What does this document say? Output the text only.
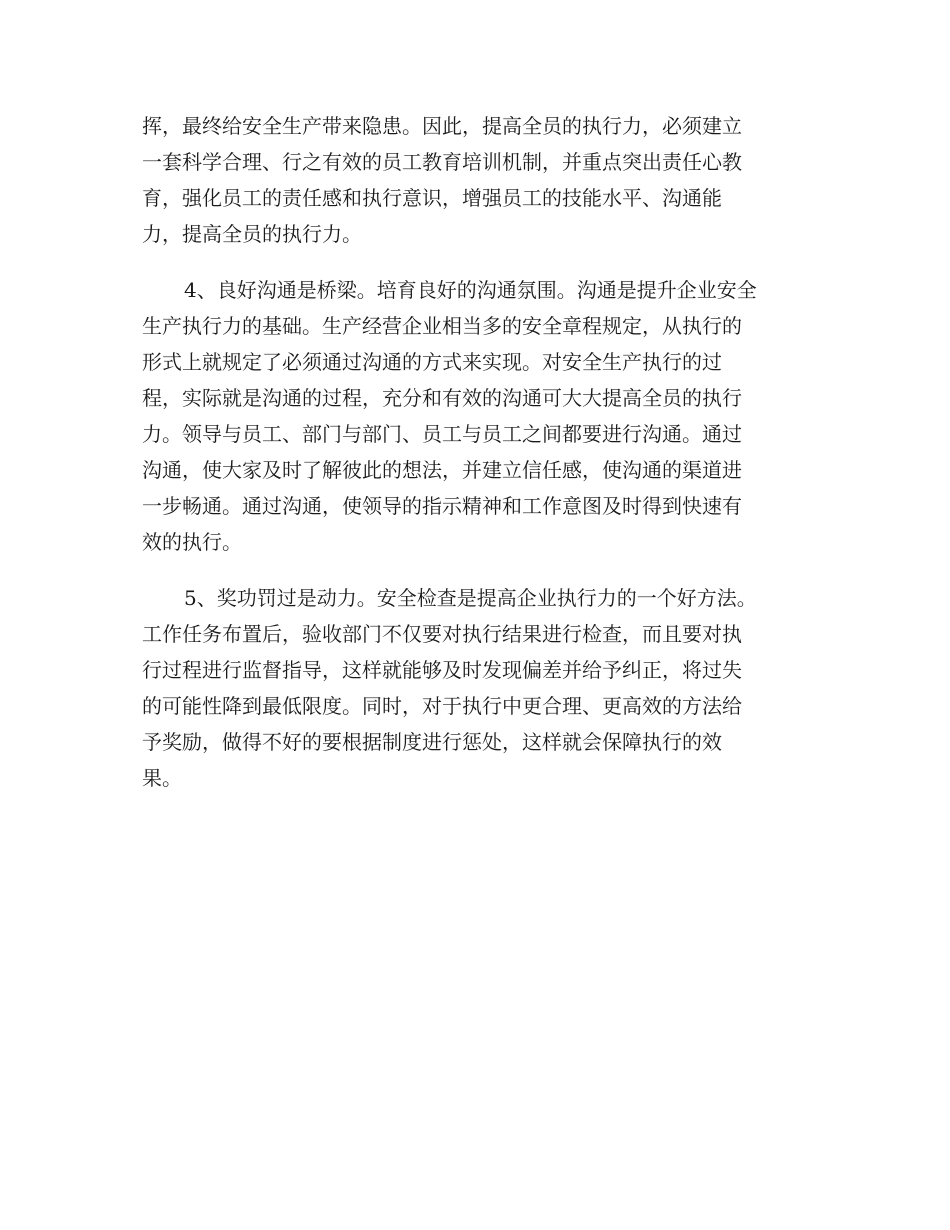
挥，最终给安全生产带来隐患。因此，提高全员的执行力，必须建立
一套科学合理、行之有效的员工教育培训机制，并重点突出责任心教
育，强化员工的责任感和执行意识，增强员工的技能水平、沟通能
力，提高全员的执行力。
4、良好沟通是桥梁。培育良好的沟通氛围。沟通是提升企业安全
生产执行力的基础。生产经营企业相当多的安全章程规定，从执行的
形式上就规定了必须通过沟通的方式来实现。对安全生产执行的过
程，实际就是沟通的过程，充分和有效的沟通可大大提高全员的执行
力。领导与员工、部门与部门、员工与员工之间都要进行沟通。通过
沟通，使大家及时了解彼此的想法，并建立信任感，使沟通的渠道进
一步畅通。通过沟通，使领导的指示精神和工作意图及时得到快速有
效的执行。
5、奖功罚过是动力。安全检查是提高企业执行力的一个好方法。
工作任务布置后，验收部门不仅要对执行结果进行检查，而且要对执
行过程进行监督指导，这样就能够及时发现偏差并给予纠正，将过失
的可能性降到最低限度。同时，对于执行中更合理、更高效的方法给
予奖励，做得不好的要根据制度进行惩处，这样就会保障执行的效
果。
